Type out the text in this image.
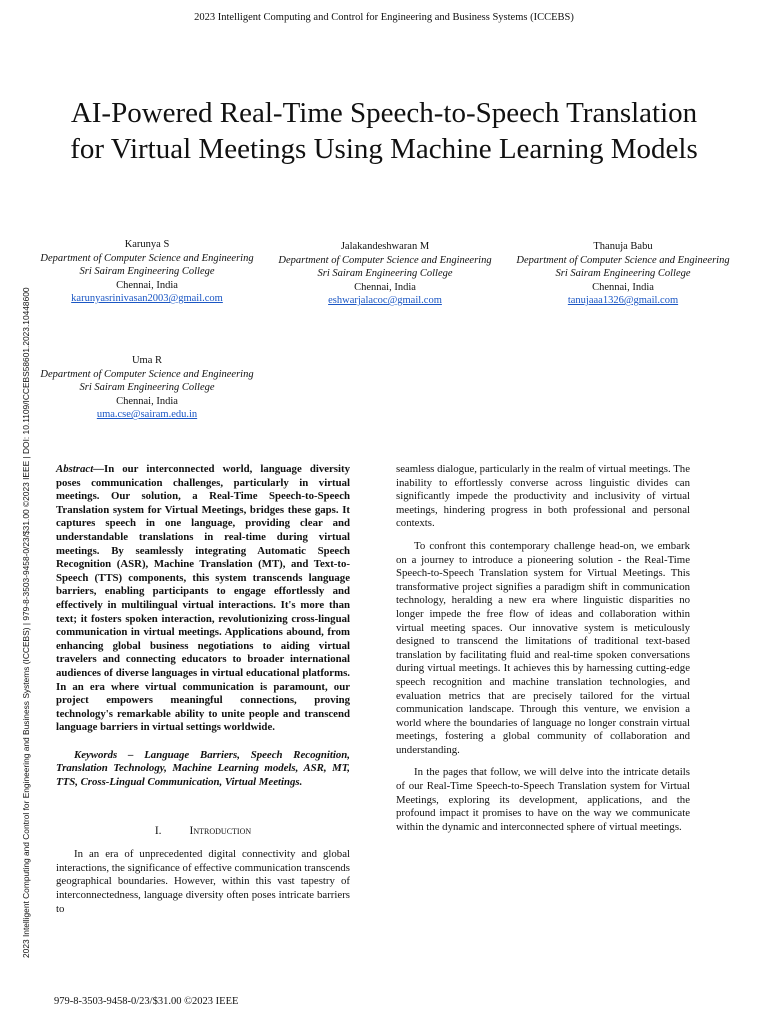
2023 Intelligent Computing and Control for Engineering and Business Systems (ICCEBS)
2023 Intelligent Computing and Control for Engineering and Business Systems (ICCEBS) | 979-8-3503-9458-0/23/$31.00 ©2023 IEEE | DOI: 10.1109/ICCEBS58601.2023.10448600
AI-Powered Real-Time Speech-to-Speech Translation for Virtual Meetings Using Machine Learning Models
Karunya S
Department of Computer Science and Engineering
Sri Sairam Engineering College
Chennai, India
karunyasrinivasan2003@gmail.com
Jalakandeshwaran M
Department of Computer Science and Engineering
Sri Sairam Engineering College
Chennai, India
eshwarjalacoc@gmail.com
Thanuja Babu
Department of Computer Science and Engineering
Sri Sairam Engineering College
Chennai, India
tanujaaa1326@gmail.com
Uma R
Department of Computer Science and Engineering
Sri Sairam Engineering College
Chennai, India
uma.cse@sairam.edu.in

Abstract—In our interconnected world, language diversity poses communication challenges, particularly in virtual meetings. Our solution, a Real-Time Speech-to-Speech Translation system for Virtual Meetings, bridges these gaps. It captures speech in one language, providing clear and understandable translations in real-time during virtual meetings. By seamlessly integrating Automatic Speech Recognition (ASR), Machine Translation (MT), and Text-to-Speech (TTS) components, this system transcends language barriers, enabling participants to engage effortlessly and effectively in multilingual virtual interactions. It's more than text; it fosters spoken interaction, revolutionizing cross-lingual communication in virtual meetings. Applications abound, from enhancing global business negotiations to aiding virtual travelers and connecting educators to broader international audiences of diverse languages in virtual educational platforms. In an era where virtual communication is paramount, our project empowers meaningful connections, proving technology's remarkable ability to unite people and transcend language barriers in virtual settings worldwide.

Keywords – Language Barriers, Speech Recognition, Translation Technology, Machine Learning models, ASR, MT, TTS, Cross-Lingual Communication, Virtual Meetings.

I. Introduction

In an era of unprecedented digital connectivity and global interactions, the significance of effective communication transcends geographical boundaries. However, within this vast tapestry of interconnectedness, language diversity often poses intricate barriers to

seamless dialogue, particularly in the realm of virtual meetings. The inability to effortlessly converse across linguistic divides can significantly impede the productivity and inclusivity of virtual meetings, hindering progress in both professional and personal contexts.

To confront this contemporary challenge head-on, we embark on a journey to introduce a pioneering solution - the Real-Time Speech-to-Speech Translation system for Virtual Meetings. This transformative project signifies a paradigm shift in communication technology, heralding a new era where linguistic disparities no longer impede the free flow of ideas and collaboration within virtual meeting spaces. Our innovative system is meticulously designed to transcend the limitations of traditional text-based translation by facilitating fluid and real-time spoken conversations during virtual meetings. It achieves this by harnessing cutting-edge speech recognition and machine translation technologies, and evaluation metrics that are precisely tailored for the virtual communication landscape. Through this venture, we envision a world where the boundaries of language no longer constrain virtual meetings, fostering a global community of collaboration and understanding.

In the pages that follow, we will delve into the intricate details of our Real-Time Speech-to-Speech Translation system for Virtual Meetings, exploring its development, applications, and the profound impact it promises to have on the way we communicate within the dynamic and interconnected sphere of virtual meetings.

979-8-3503-9458-0/23/$31.00 ©2023 IEEE
